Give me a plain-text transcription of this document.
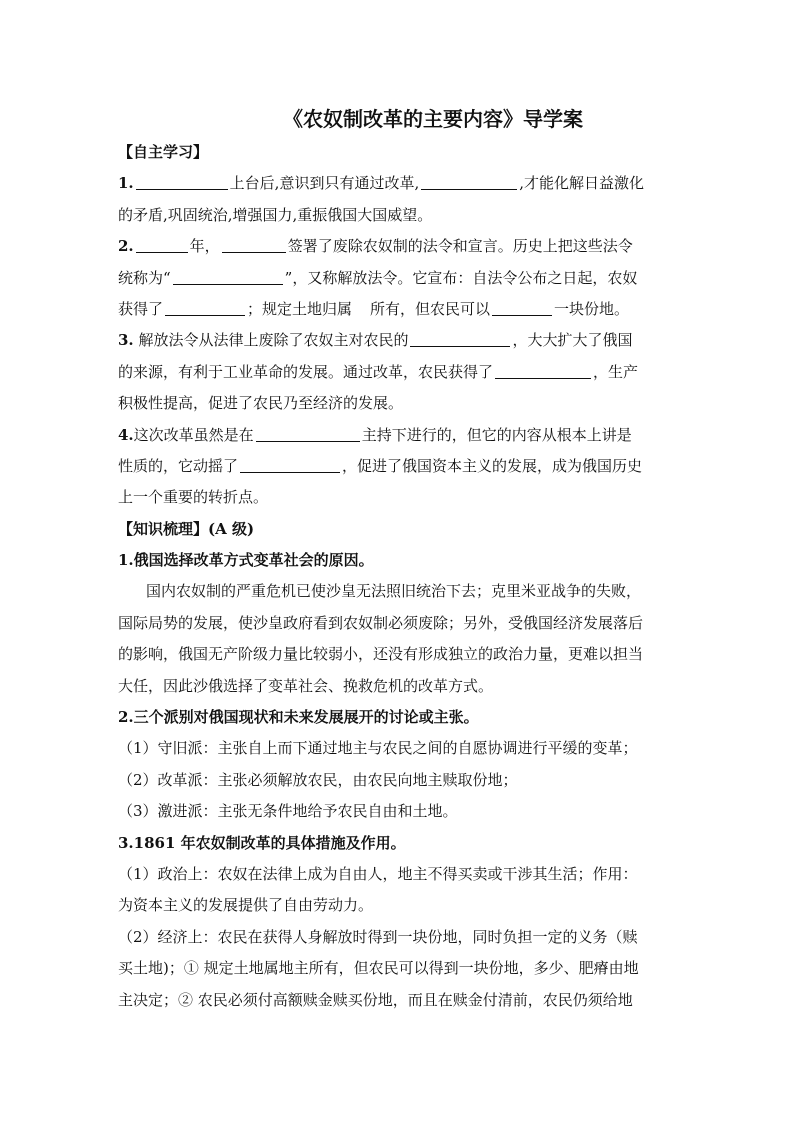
《农奴制改革的主要内容》导学案
【自主学习】
1.	上台后,意识到只有通过改革,	,才能化解日益激化
的矛盾,巩固统治,增强国力,重振俄国大国威望。
2.	年，	签署了废除农奴制的法令和宣言。历史上把这些法令
统称为“	”，又称解放法令。它宣布：自法令公布之日起，农奴
获得了	；规定土地归属 所有，但农民可以	一块份地。
3. 解放法令从法律上废除了农奴主对农民的	，大大扩大了俄国
的来源，有利于工业革命的发展。通过改革，农民获得了	，生产
积极性提高，促进了农民乃至经济的发展。
4.这次改革虽然是在	主持下进行的，但它的内容从根本上讲是
性质的，它动摇了	，促进了俄国资本主义的发展，成为俄国历史
上一个重要的转折点。
【知识梳理】(A 级)
1.俄国选择改革方式变革社会的原因。
国内农奴制的严重危机已使沙皇无法照旧统治下去；克里米亚战争的失败，
国际局势的发展，使沙皇政府看到农奴制必须废除；另外，受俄国经济发展落后
的影响，俄国无产阶级力量比较弱小，还没有形成独立的政治力量，更难以担当
大任，因此沙俄选择了变革社会、挽救危机的改革方式。
2.三个派别对俄国现状和未来发展展开的讨论或主张。
（1）守旧派：主张自上而下通过地主与农民之间的自愿协调进行平缓的变革；
（2）改革派：主张必须解放农民，由农民向地主赎取份地；
（3）激进派：主张无条件地给予农民自由和土地。
3.1861 年农奴制改革的具体措施及作用。
（1）政治上：农奴在法律上成为自由人，地主不得买卖或干涉其生活；作用：
为资本主义的发展提供了自由劳动力。
（2）经济上：农民在获得人身解放时得到一块份地，同时负担一定的义务（赎
买土地)；① 规定土地属地主所有，但农民可以得到一块份地，多少、肥瘠由地
主决定；② 农民必须付高额赎金赎买份地，而且在赎金付清前，农民仍须给地
